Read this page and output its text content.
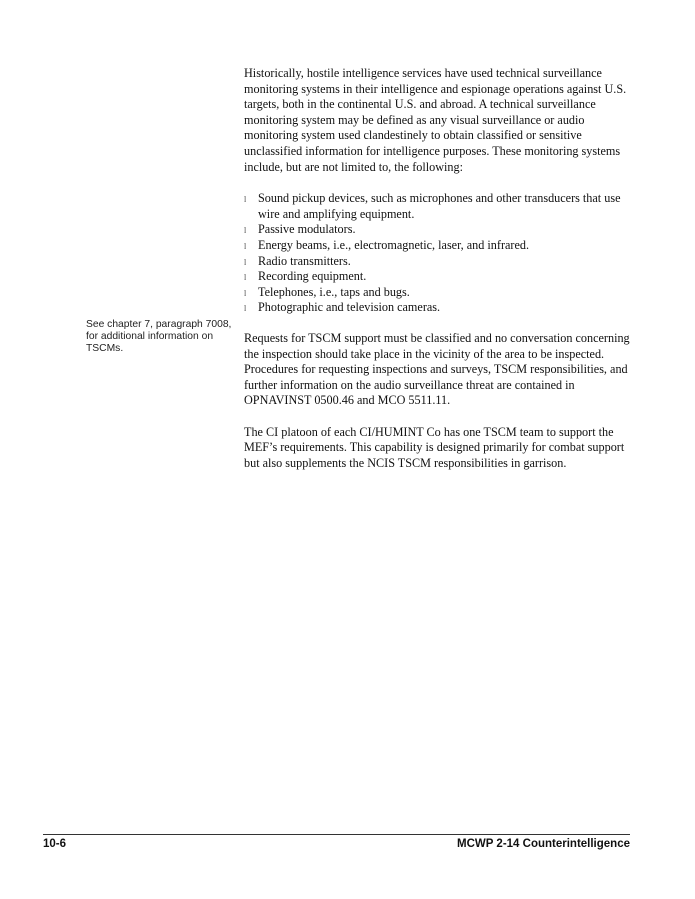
Historically, hostile intelligence services have used technical surveillance monitoring systems in their intelligence and espionage operations against U.S. targets, both in the continental U.S. and abroad. A technical surveillance monitoring system may be defined as any visual surveillance or audio monitoring system used clandestinely to obtain classified or sensitive unclassified information for intelligence purposes. These monitoring systems include, but are not limited to, the following:

l Sound pickup devices, such as microphones and other transducers that use wire and amplifying equipment.
l Passive modulators.
l Energy beams, i.e., electromagnetic, laser, and infrared.
l Radio transmitters.
l Recording equipment.
l Telephones, i.e., taps and bugs.
l Photographic and television cameras.

Requests for TSCM support must be classified and no conversation concerning the inspection should take place in the vicinity of the area to be inspected. Procedures for requesting inspections and surveys, TSCM responsibilities, and further information on the audio surveillance threat are contained in OPNAVINST 0500.46 and MCO 5511.11.

The CI platoon of each CI/HUMINT Co has one TSCM team to support the MEF’s requirements. This capability is designed primarily for combat support but also supplements the NCIS TSCM responsibilities in garrison.

See chapter 7, paragraph 7008, for additional information on TSCMs.
10-6	MCWP 2-14 Counterintelligence
